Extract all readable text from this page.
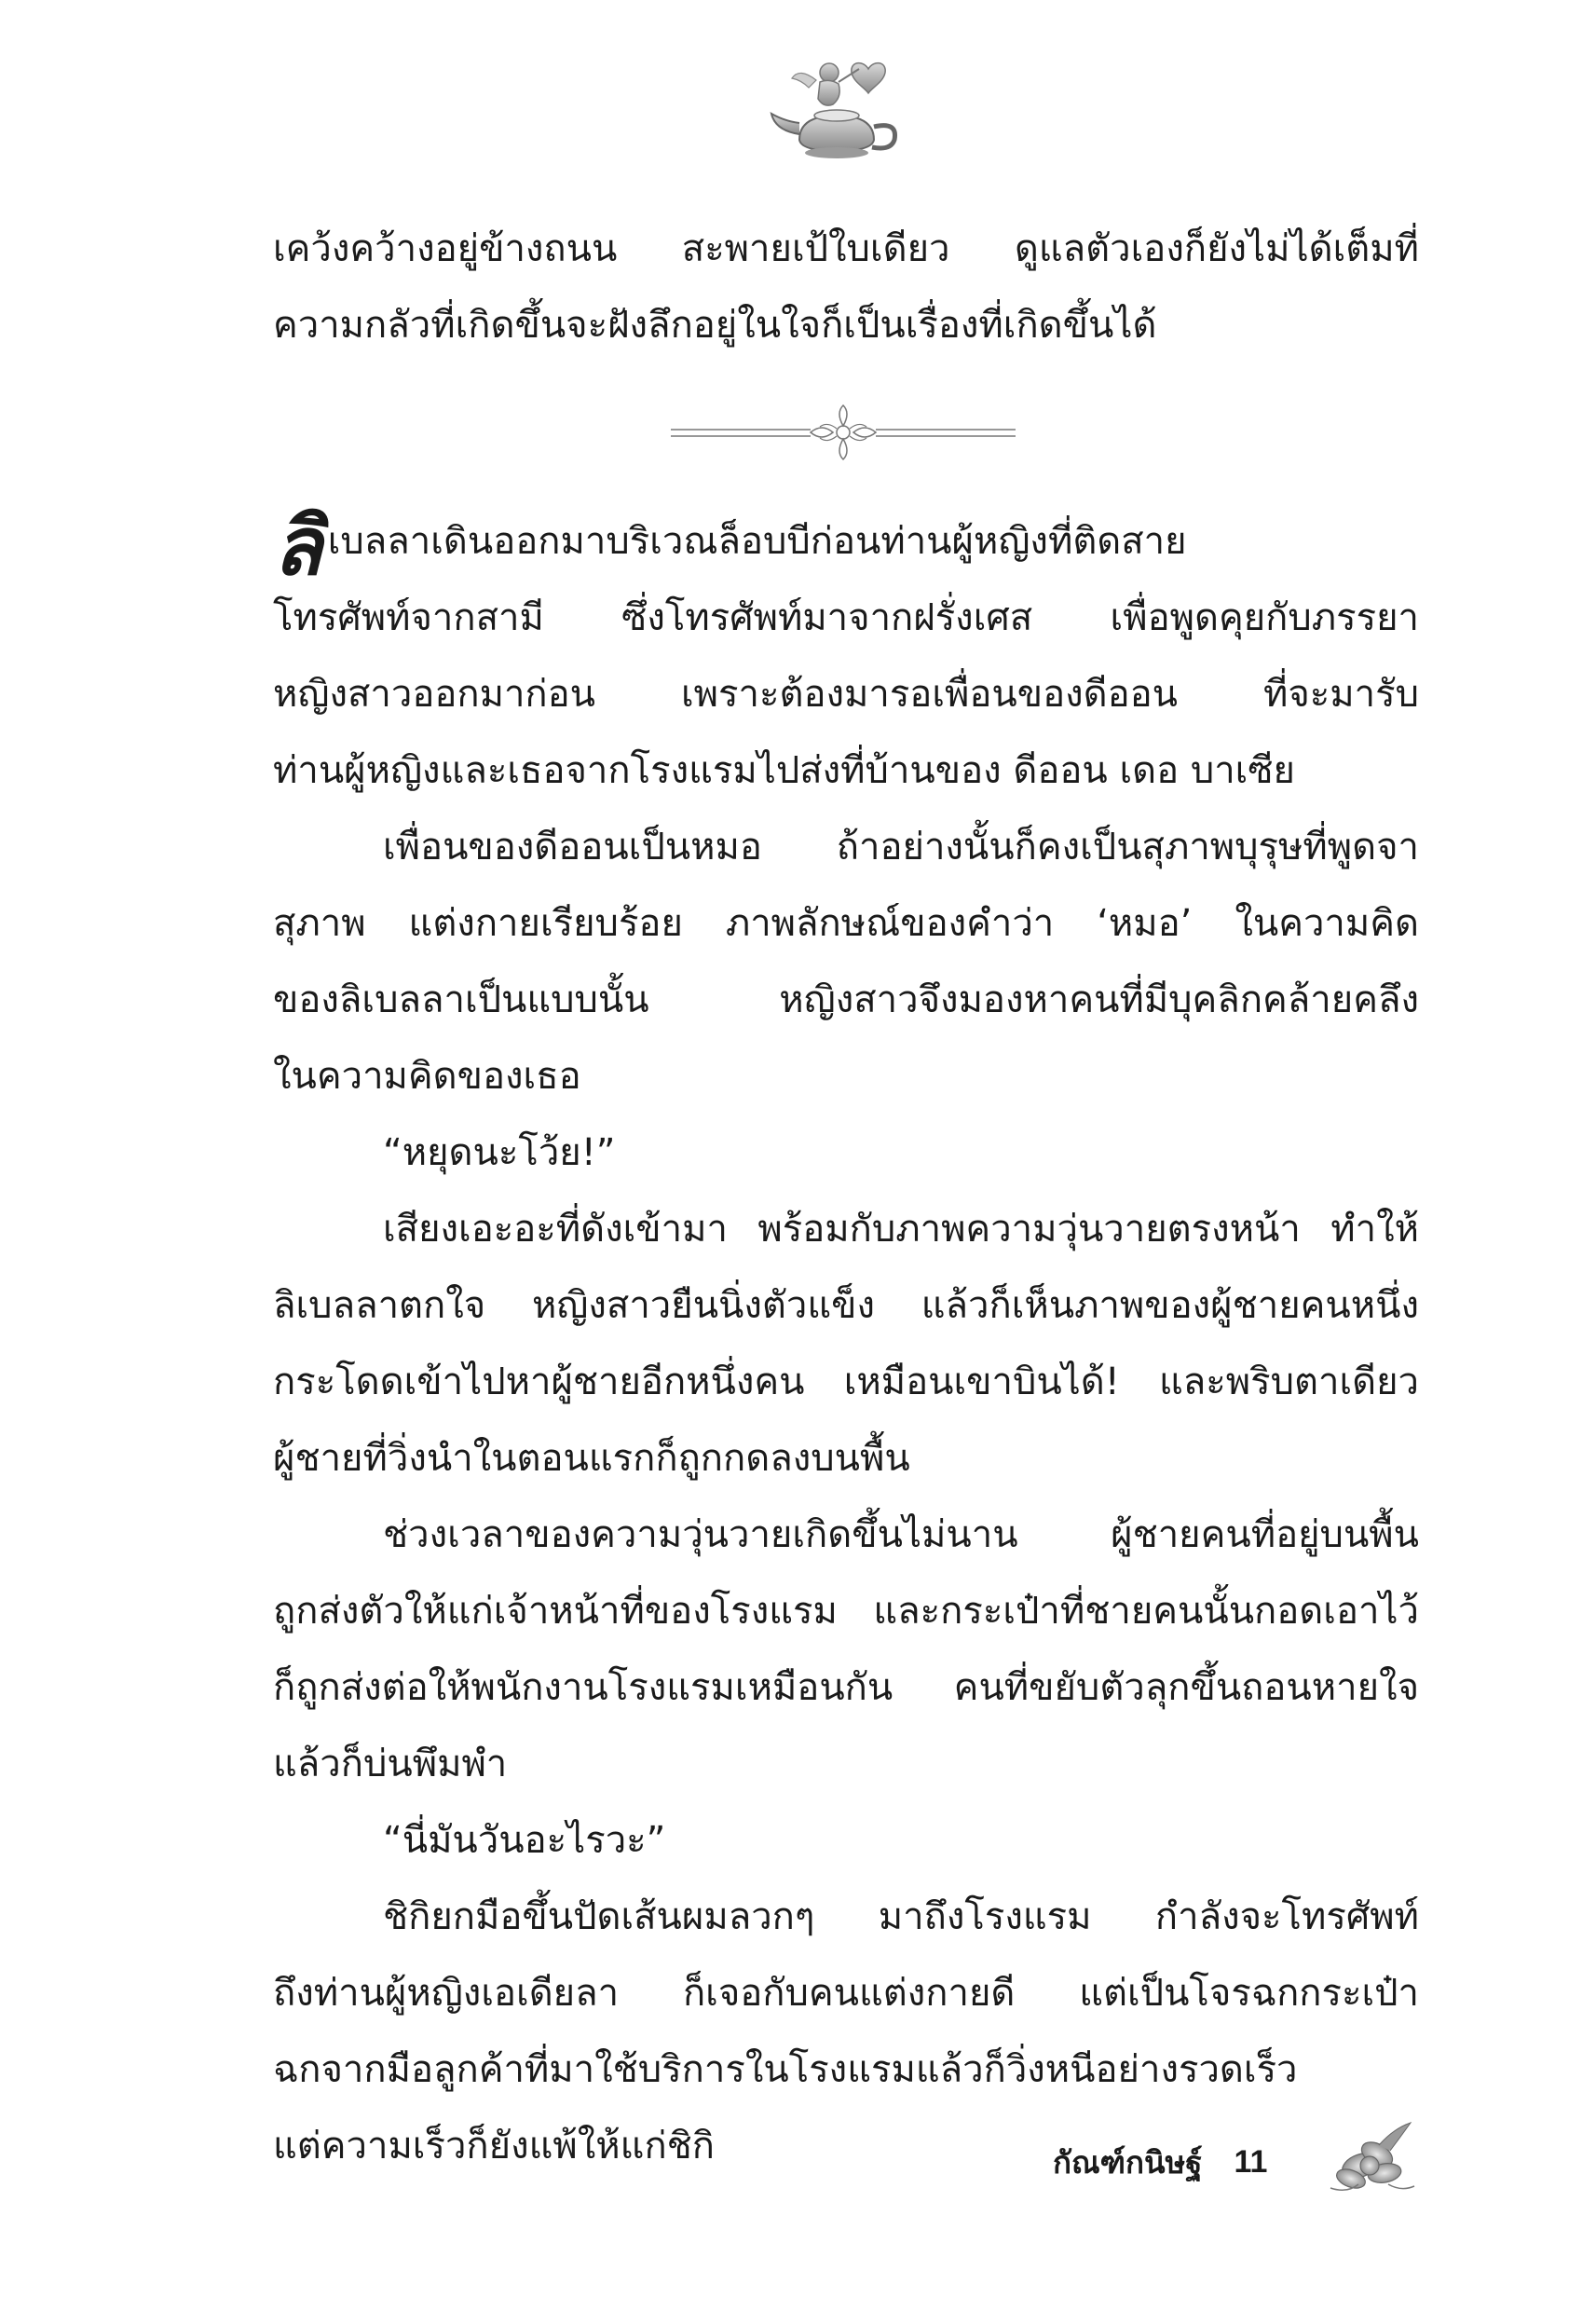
เคว้งคว้างอยู่ข้างถนน สะพายเป้ใบเดียว ดูแลตัวเองก็ยังไม่ได้เต็มที่
ความกลัวที่เกิดขึ้นจะฝังลึกอยู่ในใจก็เป็นเรื่องที่เกิดขึ้นได้
ลิเบลลาเดินออกมาบริเวณล็อบบีก่อนท่านผู้หญิงที่ติดสาย
โทรศัพท์จากสามี ซึ่งโทรศัพท์มาจากฝรั่งเศส เพื่อพูดคุยกับภรรยา
หญิงสาวออกมาก่อน เพราะต้องมารอเพื่อนของดีออน ที่จะมารับ
ท่านผู้หญิงและเธอจากโรงแรมไปส่งที่บ้านของ ดีออน เดอ บาเซีย
เพื่อนของดีออนเป็นหมอ ถ้าอย่างนั้นก็คงเป็นสุภาพบุรุษที่พูดจา
สุภาพ แต่งกายเรียบร้อย ภาพลักษณ์ของคำว่า ‘หมอ’ ในความคิด
ของลิเบลลาเป็นแบบนั้น หญิงสาวจึงมองหาคนที่มีบุคลิกคล้ายคลึง
ในความคิดของเธอ
“หยุดนะโว้ย!”
เสียงเอะอะที่ดังเข้ามา พร้อมกับภาพความวุ่นวายตรงหน้า ทำให้
ลิเบลลาตกใจ หญิงสาวยืนนิ่งตัวแข็ง แล้วก็เห็นภาพของผู้ชายคนหนึ่ง
กระโดดเข้าไปหาผู้ชายอีกหนึ่งคน เหมือนเขาบินได้! และพริบตาเดียว
ผู้ชายที่วิ่งนำในตอนแรกก็ถูกกดลงบนพื้น
ช่วงเวลาของความวุ่นวายเกิดขึ้นไม่นาน ผู้ชายคนที่อยู่บนพื้น
ถูกส่งตัวให้แก่เจ้าหน้าที่ของโรงแรม และกระเป๋าที่ชายคนนั้นกอดเอาไว้
ก็ถูกส่งต่อให้พนักงานโรงแรมเหมือนกัน คนที่ขยับตัวลุกขึ้นถอนหายใจ
แล้วก็บ่นพึมพำ
“นี่มันวันอะไรวะ”
ชิกิยกมือขึ้นปัดเส้นผมลวกๆ มาถึงโรงแรม กำลังจะโทรศัพท์
ถึงท่านผู้หญิงเอเดียลา ก็เจอกับคนแต่งกายดี แต่เป็นโจรฉกกระเป๋า
ฉกจากมือลูกค้าที่มาใช้บริการในโรงแรมแล้วก็วิ่งหนีอย่างรวดเร็ว
แต่ความเร็วก็ยังแพ้ให้แก่ชิกิ	กัณฑ์กนิษฐ์ 11
